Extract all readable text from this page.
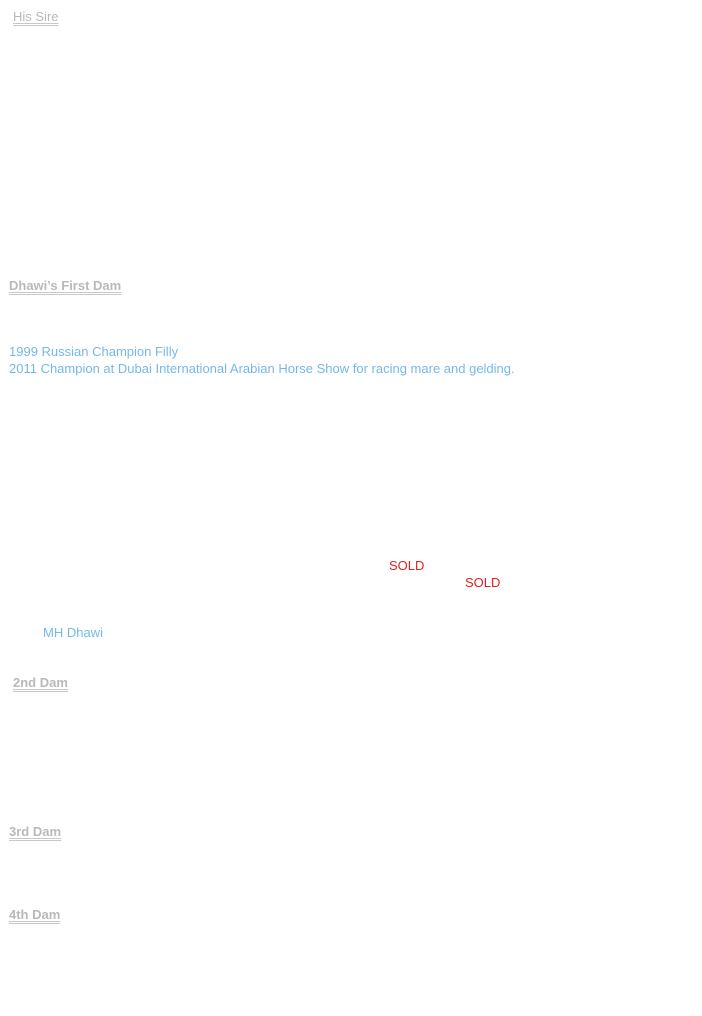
His Sire
Dhawi’s First Dam
1999 Russian Champion Filly
2011 Champion at Dubai International Arabian Horse Show for racing mare and gelding.
SOLD
SOLD
MH Dhawi
2nd Dam
3rd Dam
4th Dam
